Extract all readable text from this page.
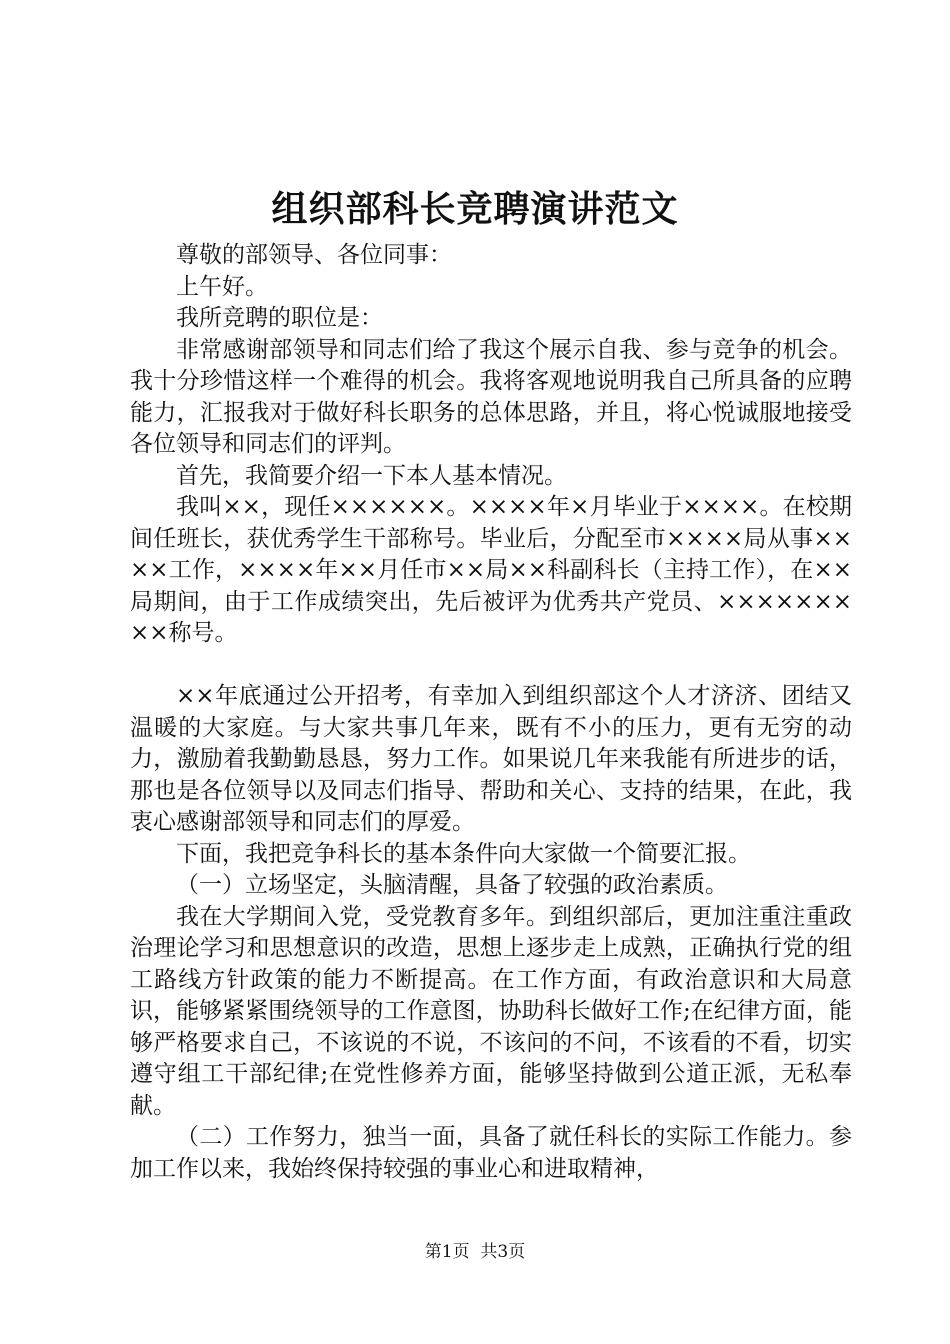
组织部科长竞聘演讲范文

尊敬的部领导、各位同事：

上午好。

我所竞聘的职位是：

非常感谢部领导和同志们给了我这个展示自我、参与竞争的机会。我十分珍惜这样一个难得的机会。我将客观地说明我自己所具备的应聘能力，汇报我对于做好科长职务的总体思路，并且，将心悦诚服地接受各位领导和同志们的评判。

首先，我简要介绍一下本人基本情况。

我叫××，现任××××××。××××年×月毕业于××××。在校期间任班长，获优秀学生干部称号。毕业后，分配至市××××局从事××××工作，××××年××月任市××局××科副科长（主持工作），在××局期间，由于工作成绩突出，先后被评为优秀共产党员、×××××××××称号。

××年底通过公开招考，有幸加入到组织部这个人才济济、团结又温暖的大家庭。与大家共事几年来，既有不小的压力，更有无穷的动力，激励着我勤勤恳恳，努力工作。如果说几年来我能有所进步的话，那也是各位领导以及同志们指导、帮助和关心、支持的结果，在此，我衷心感谢部领导和同志们的厚爱。

下面，我把竞争科长的基本条件向大家做一个简要汇报。

（一）立场坚定，头脑清醒，具备了较强的政治素质。

我在大学期间入党，受党教育多年。到组织部后，更加注重注重政治理论学习和思想意识的改造，思想上逐步走上成熟，正确执行党的组工路线方针政策的能力不断提高。在工作方面，有政治意识和大局意识，能够紧紧围绕领导的工作意图，协助科长做好工作;在纪律方面，能够严格要求自己，不该说的不说，不该问的不问，不该看的不看，切实遵守组工干部纪律;在党性修养方面，能够坚持做到公道正派，无私奉献。

（二）工作努力，独当一面，具备了就任科长的实际工作能力。参加工作以来，我始终保持较强的事业心和进取精神，

第1页 共3页
